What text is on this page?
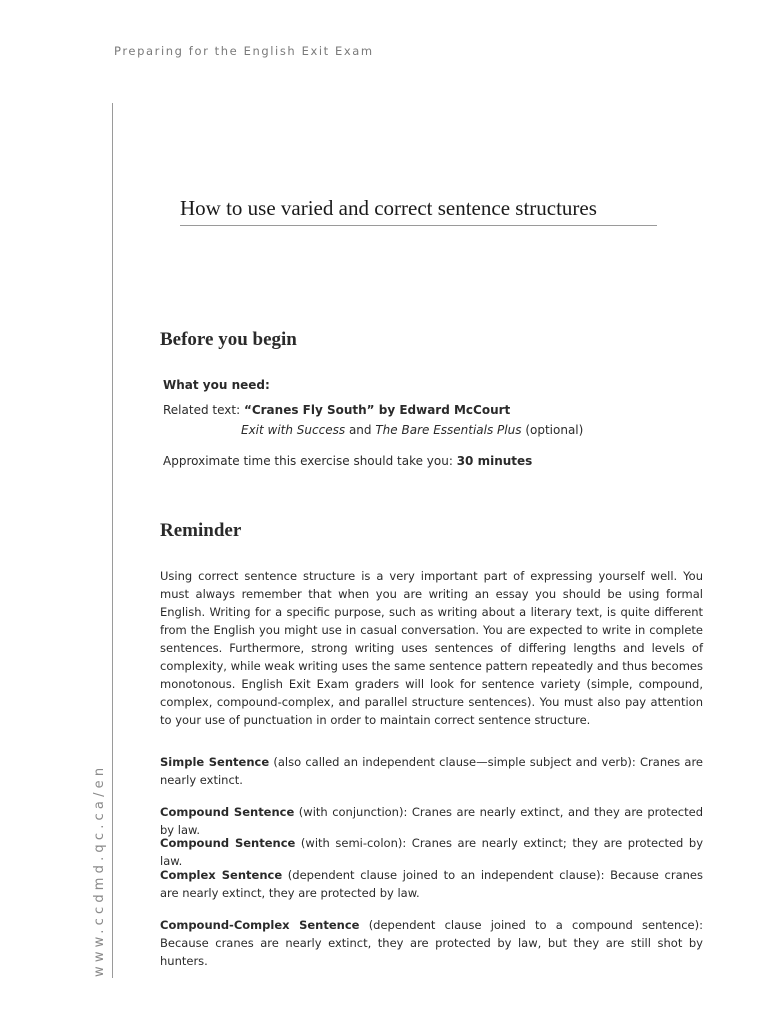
Preparing for the English Exit Exam
www.ccdmd.qc.ca/en
How to use varied and correct sentence structures
Before you begin
What you need:
Related text: “Cranes Fly South” by Edward McCourt
Exit with Success and The Bare Essentials Plus (optional)
Approximate time this exercise should take you: 30 minutes
Reminder

Using correct sentence structure is a very important part of expressing yourself well. You must always remember that when you are writing an essay you should be using formal English. Writing for a specific purpose, such as writing about a literary text, is quite different from the English you might use in casual conversation. You are expected to write in complete sentences. Furthermore, strong writing uses sentences of differing lengths and levels of complexity, while weak writing uses the same sentence pattern repeatedly and thus becomes monotonous. English Exit Exam graders will look for sentence variety (simple, compound, complex, compound-complex, and parallel structure sentences). You must also pay attention to your use of punctuation in order to maintain correct sentence structure.

Simple Sentence (also called an independent clause—simple subject and verb): Cranes are nearly extinct.

Compound Sentence (with conjunction): Cranes are nearly extinct, and they are protected by law.

Compound Sentence (with semi-colon): Cranes are nearly extinct; they are protected by law.

Complex Sentence (dependent clause joined to an independent clause): Because cranes are nearly extinct, they are protected by law.

Compound-Complex Sentence (dependent clause joined to a compound sentence): Because cranes are nearly extinct, they are protected by law, but they are still shot by hunters.
